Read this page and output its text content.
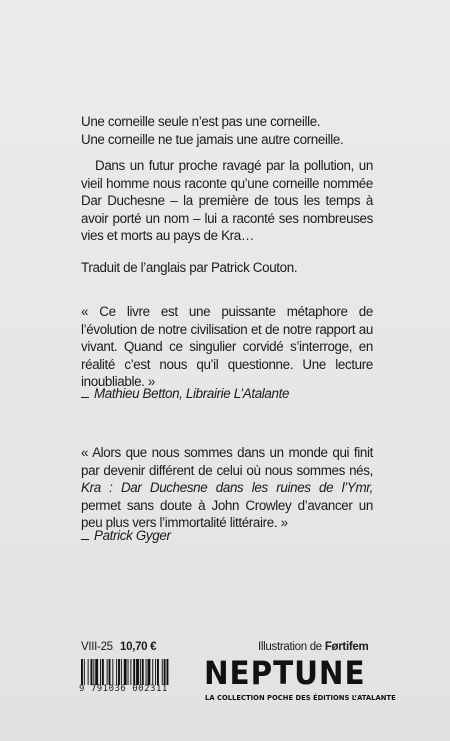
Une corneille seule n’est pas une corneille.

Une corneille ne tue jamais une autre corneille.

Dans un futur proche ravagé par la pollution, un vieil homme nous raconte qu’une corneille nommée Dar Duchesne – la première de tous les temps à avoir porté un nom – lui a raconté ses nombreuses vies et morts au pays de Kra…

Traduit de l’anglais par Patrick Couton.

« Ce livre est une puissante métaphore de l’évolution de notre civilisation et de notre rapport au vivant. Quand ce singulier corvidé s’interroge, en réalité c’est nous qu’il questionne. Une lecture inoubliable. »

Mathieu Betton, Librairie L’Atalante

« Alors que nous sommes dans un monde qui finit par devenir différent de celui où nous sommes nés, Kra : Dar Duchesne dans les ruines de l’Ymr, permet sans doute à John Crowley d’avancer un peu plus vers l’immortalité littéraire. »

Patrick Gyger

VIII-25 10,70 €	Illustration de Førtifem
9 791036 002311	NEPTUNE
LA COLLECTION POCHE DES ÉDITIONS L’ATALANTE
